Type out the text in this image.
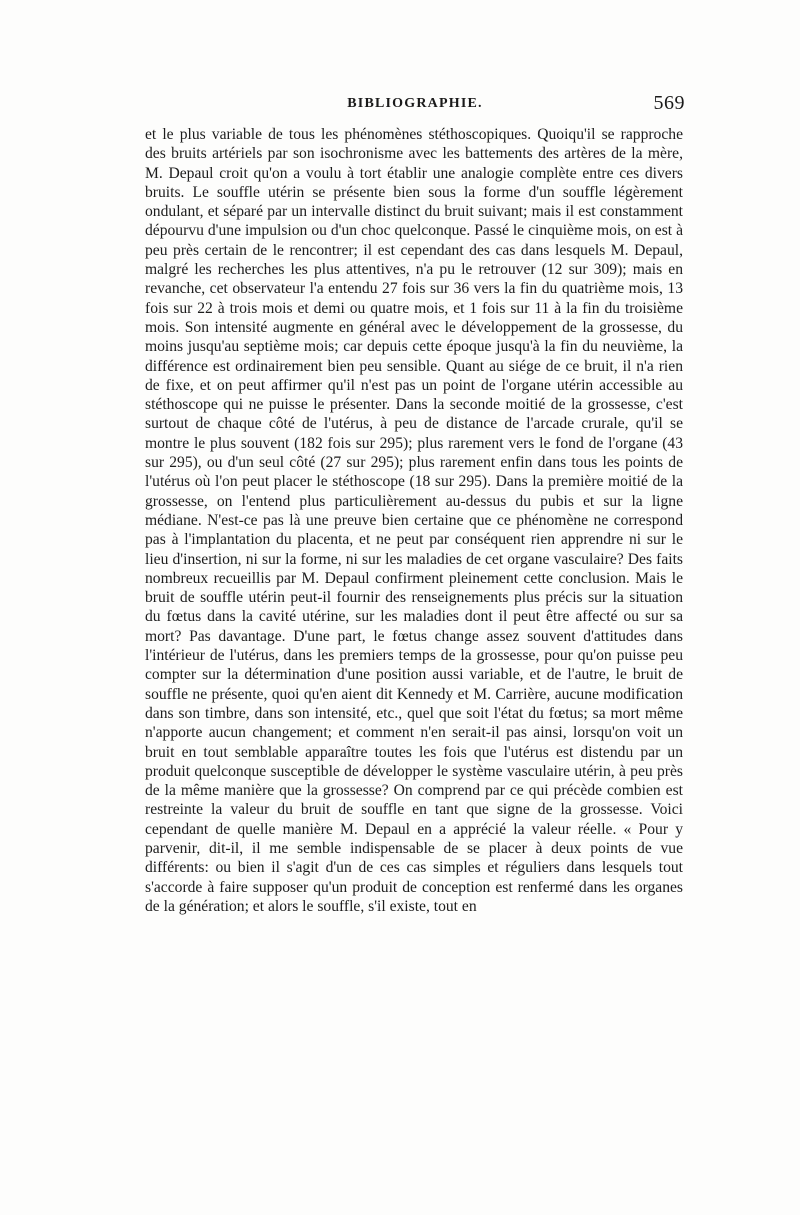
BIBLIOGRAPHIE.	569

et le plus variable de tous les phénomènes stéthoscopiques. Quoiqu'il se rapproche des bruits artériels par son isochronisme avec les battements des artères de la mère, M. Depaul croit qu'on a voulu à tort établir une analogie complète entre ces divers bruits. Le souffle utérin se présente bien sous la forme d'un souffle légèrement ondulant, et séparé par un intervalle distinct du bruit suivant; mais il est constamment dépourvu d'une impulsion ou d'un choc quelconque. Passé le cinquième mois, on est à peu près certain de le rencontrer; il est cependant des cas dans lesquels M. Depaul, malgré les recherches les plus attentives, n'a pu le retrouver (12 sur 309); mais en revanche, cet observateur l'a entendu 27 fois sur 36 vers la fin du quatrième mois, 13 fois sur 22 à trois mois et demi ou quatre mois, et 1 fois sur 11 à la fin du troisième mois. Son intensité augmente en général avec le développement de la grossesse, du moins jusqu'au septième mois; car depuis cette époque jusqu'à la fin du neuvième, la différence est ordinairement bien peu sensible. Quant au siége de ce bruit, il n'a rien de fixe, et on peut affirmer qu'il n'est pas un point de l'organe utérin accessible au stéthoscope qui ne puisse le présenter. Dans la seconde moitié de la grossesse, c'est surtout de chaque côté de l'utérus, à peu de distance de l'arcade crurale, qu'il se montre le plus souvent (182 fois sur 295); plus rarement vers le fond de l'organe (43 sur 295), ou d'un seul côté (27 sur 295); plus rarement enfin dans tous les points de l'utérus où l'on peut placer le stéthoscope (18 sur 295). Dans la première moitié de la grossesse, on l'entend plus particulièrement au-dessus du pubis et sur la ligne médiane. N'est-ce pas là une preuve bien certaine que ce phénomène ne correspond pas à l'implantation du placenta, et ne peut par conséquent rien apprendre ni sur le lieu d'insertion, ni sur la forme, ni sur les maladies de cet organe vasculaire? Des faits nombreux recueillis par M. Depaul confirment pleinement cette conclusion. Mais le bruit de souffle utérin peut-il fournir des renseignements plus précis sur la situation du fœtus dans la cavité utérine, sur les maladies dont il peut être affecté ou sur sa mort? Pas davantage. D'une part, le fœtus change assez souvent d'attitudes dans l'intérieur de l'utérus, dans les premiers temps de la grossesse, pour qu'on puisse peu compter sur la détermination d'une position aussi variable, et de l'autre, le bruit de souffle ne présente, quoi qu'en aient dit Kennedy et M. Carrière, aucune modification dans son timbre, dans son intensité, etc., quel que soit l'état du fœtus; sa mort même n'apporte aucun changement; et comment n'en serait-il pas ainsi, lorsqu'on voit un bruit en tout semblable apparaître toutes les fois que l'utérus est distendu par un produit quelconque susceptible de développer le système vasculaire utérin, à peu près de la même manière que la grossesse? On comprend par ce qui précède combien est restreinte la valeur du bruit de souffle en tant que signe de la grossesse. Voici cependant de quelle manière M. Depaul en a apprécié la valeur réelle. « Pour y parvenir, dit-il, il me semble indispensable de se placer à deux points de vue différents: ou bien il s'agit d'un de ces cas simples et réguliers dans lesquels tout s'accorde à faire supposer qu'un produit de conception est renfermé dans les organes de la génération; et alors le souffle, s'il existe, tout en
